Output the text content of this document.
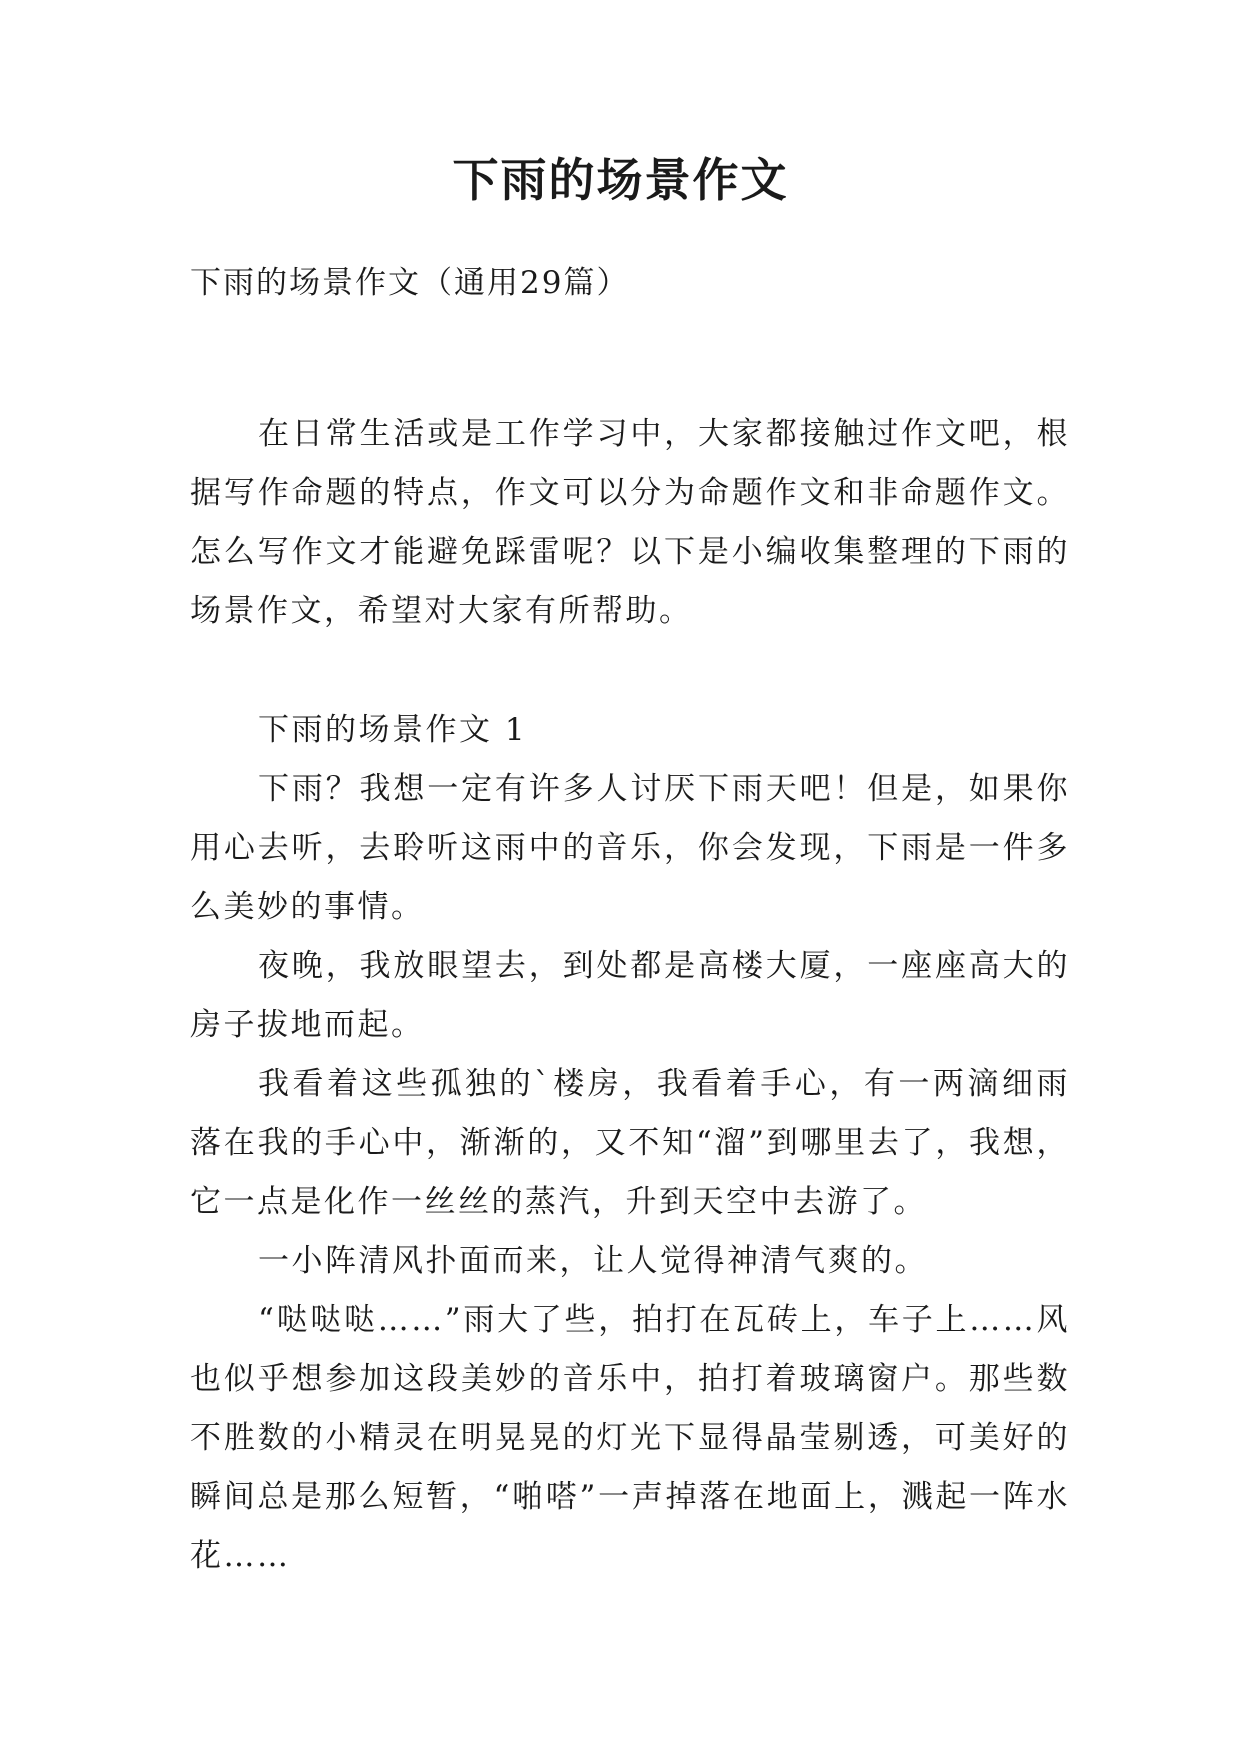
下雨的场景作文
下雨的场景作文（通用29篇）

在日常生活或是工作学习中，大家都接触过作文吧，根据写作命题的特点，作文可以分为命题作文和非命题作文。怎么写作文才能避免踩雷呢？以下是小编收集整理的下雨的场景作文，希望对大家有所帮助。

下雨的场景作文 1

下雨？我想一定有许多人讨厌下雨天吧！但是，如果你用心去听，去聆听这雨中的音乐，你会发现，下雨是一件多么美妙的事情。

夜晚，我放眼望去，到处都是高楼大厦，一座座高大的房子拔地而起。

我看着这些孤独的`楼房，我看着手心，有一两滴细雨落在我的手心中，渐渐的，又不知“溜”到哪里去了，我想，它一点是化作一丝丝的蒸汽，升到天空中去游了。

一小阵清风扑面而来，让人觉得神清气爽的。

“哒哒哒……”雨大了些，拍打在瓦砖上，车子上……风也似乎想参加这段美妙的音乐中，拍打着玻璃窗户。那些数不胜数的小精灵在明晃晃的灯光下显得晶莹剔透，可美好的瞬间总是那么短暂，“啪嗒”一声掉落在地面上，溅起一阵水花……
